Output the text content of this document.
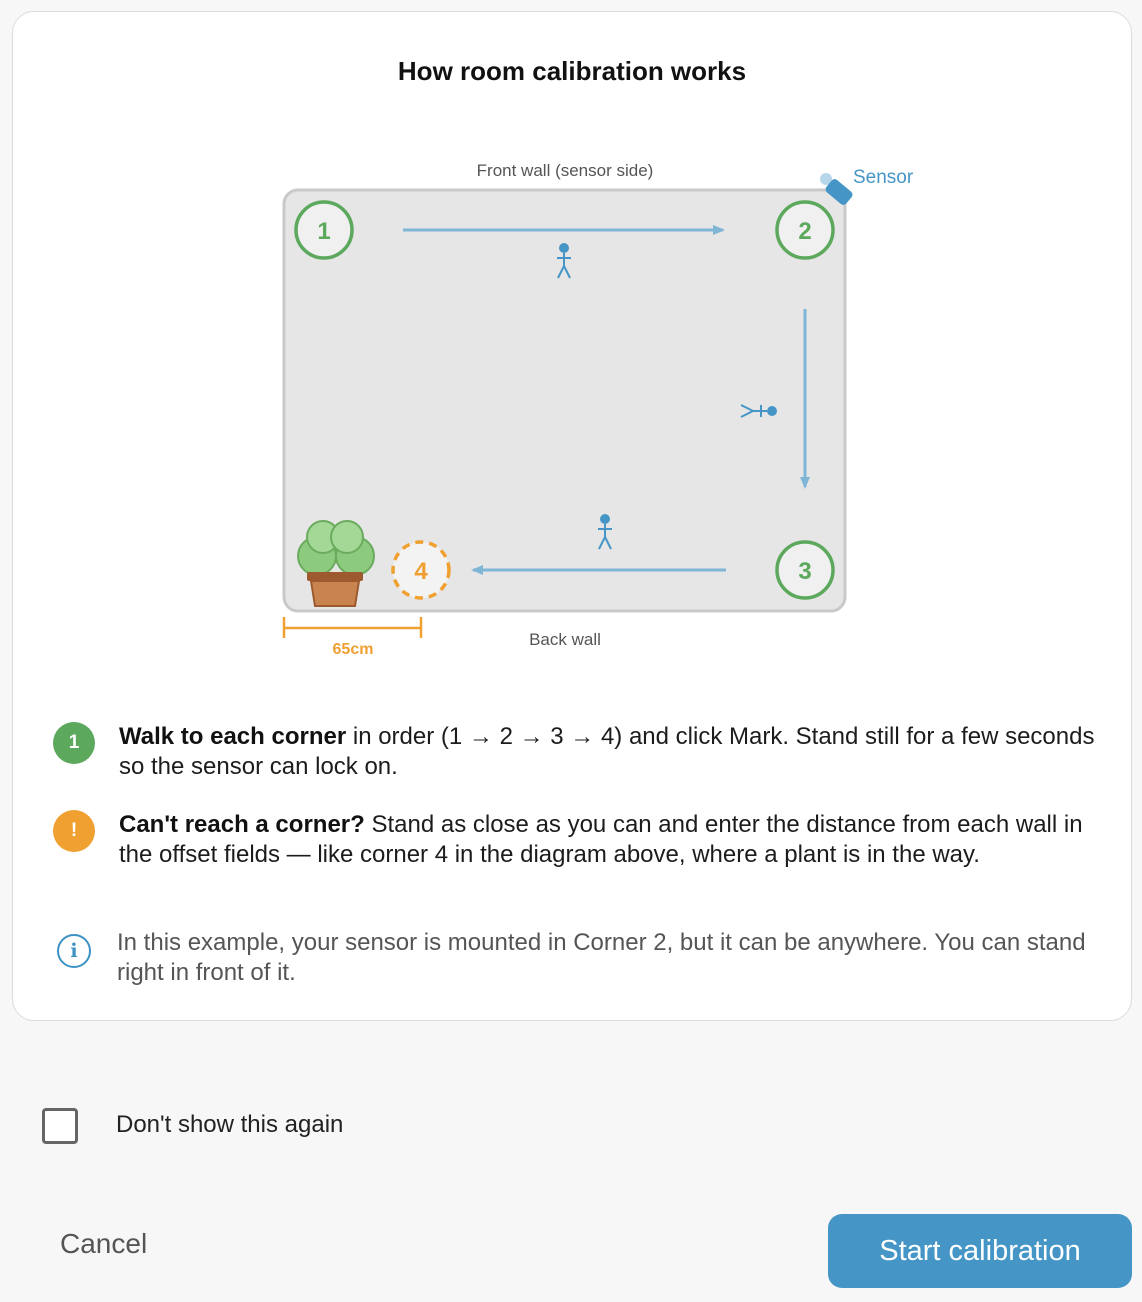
How room calibration works
Front wall (sensor side)
Back wall
Sensor
1	2
3
4
65cm
1	Walk to each corner in order (1 → 2 → 3 → 4) and click Mark. Stand still for a few seconds so the sensor can lock on.
!	Can't reach a corner? Stand as close as you can and enter the distance from each wall in the offset fields — like corner 4 in the diagram above, where a plant is in the way.
i In this example, your sensor is mounted in Corner 2, but it can be anywhere. You can stand right in front of it.
Don't show this again
Cancel	Start calibration
